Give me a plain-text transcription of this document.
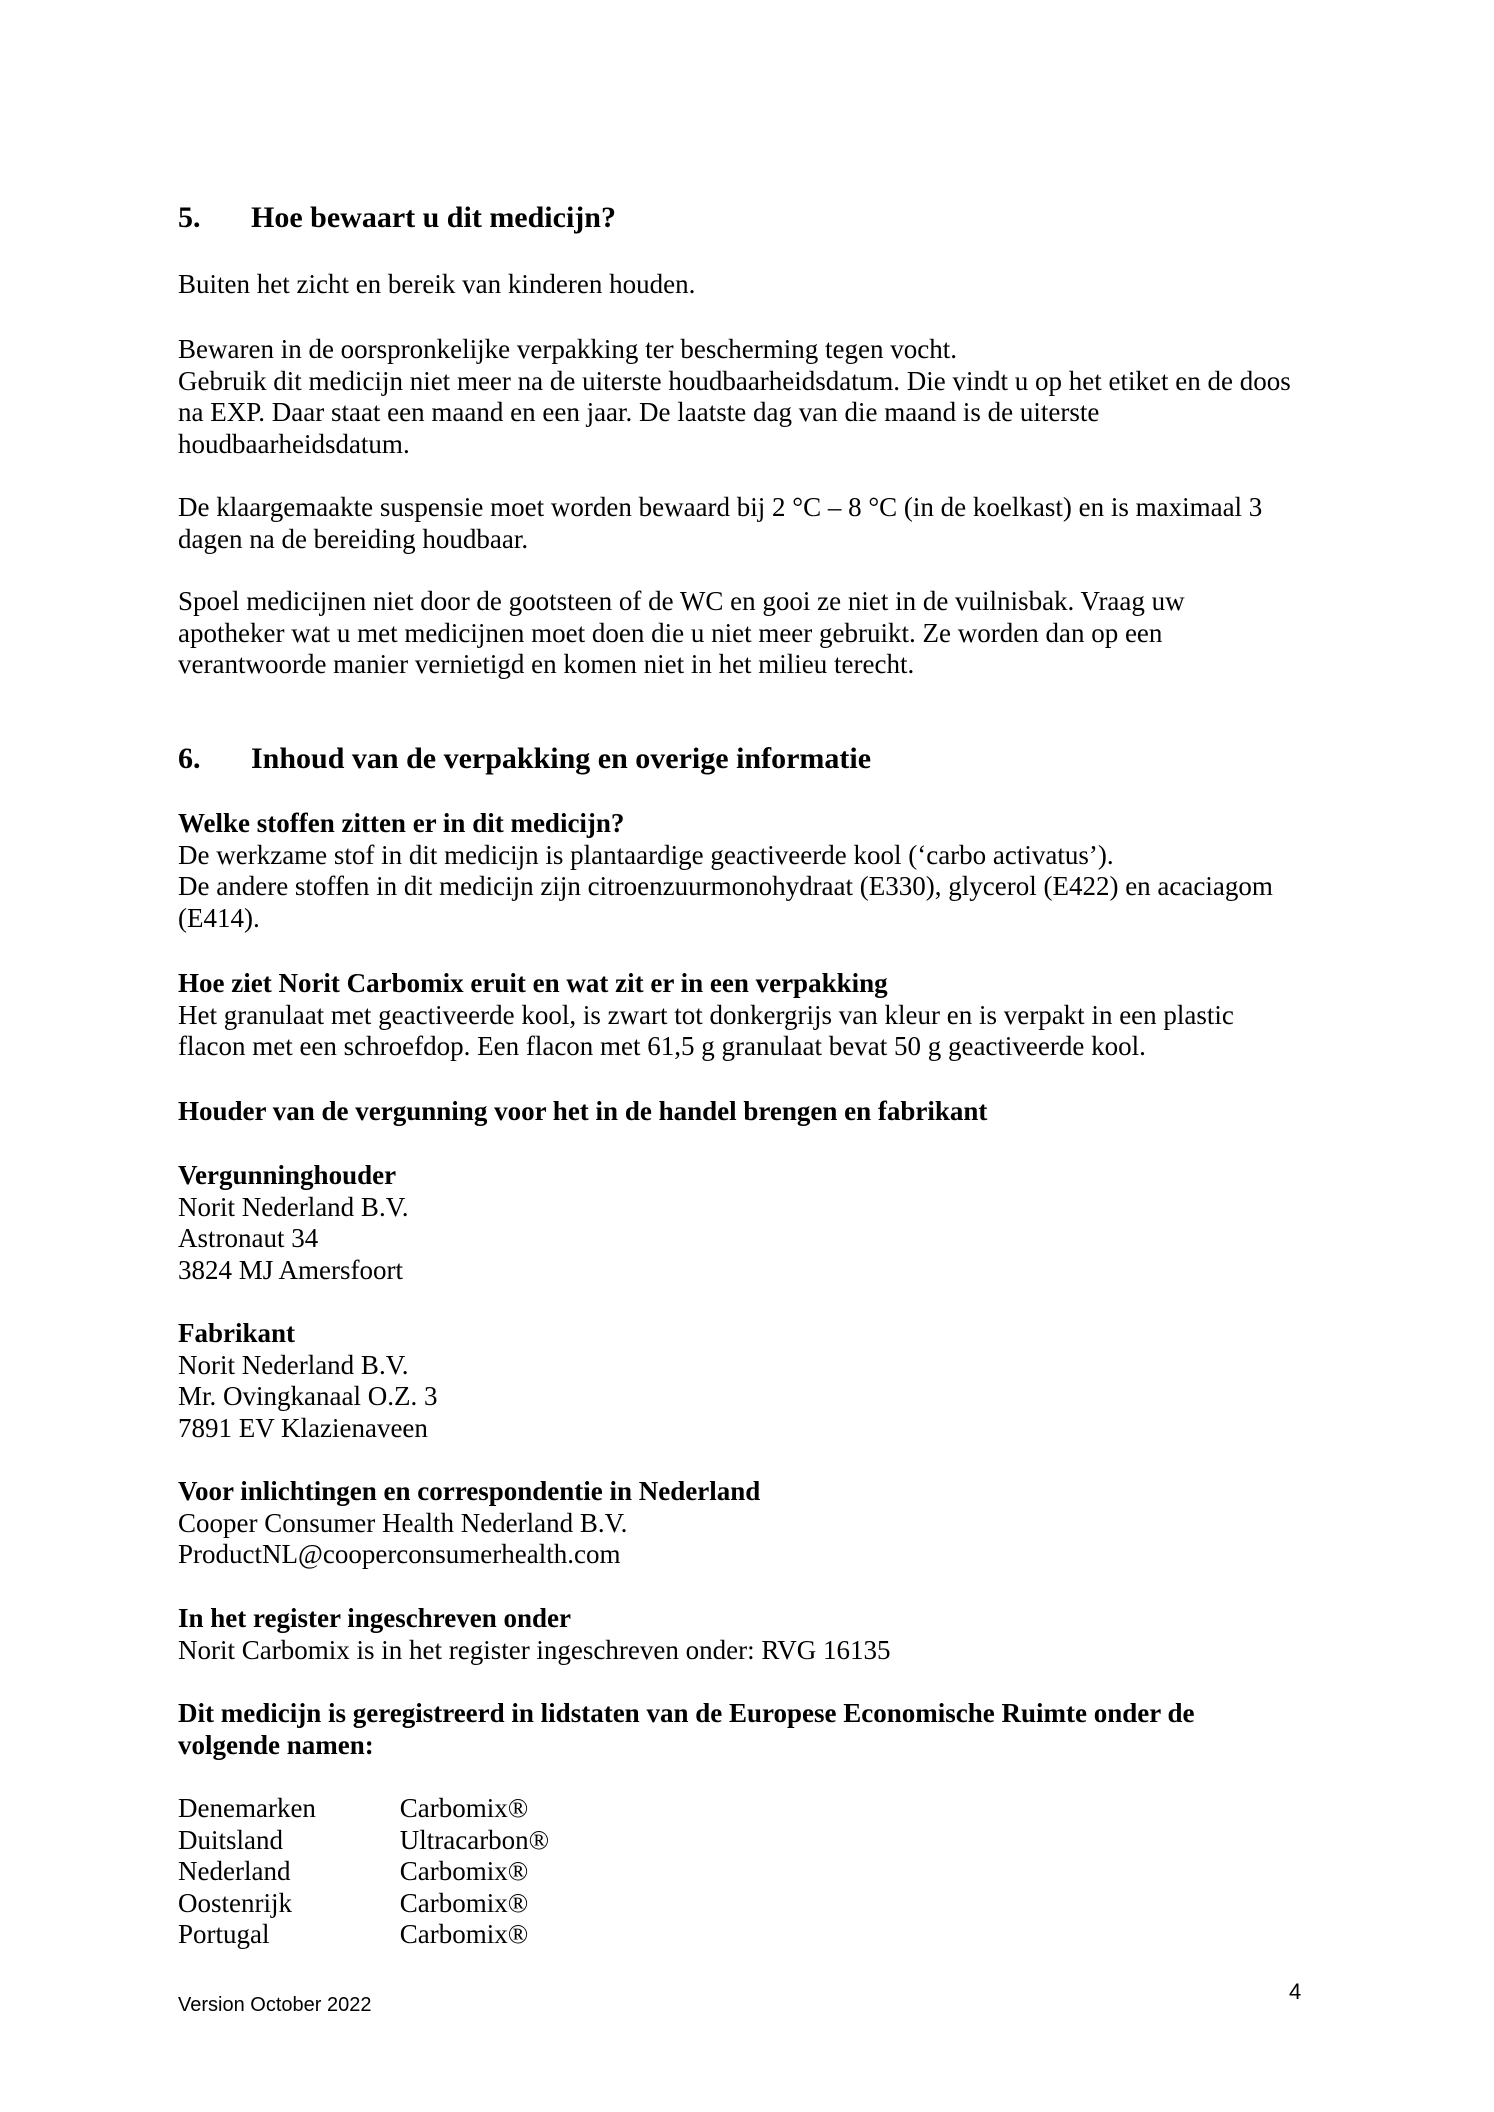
5.	Hoe bewaart u dit medicijn?
Buiten het zicht en bereik van kinderen houden.
Bewaren in de oorspronkelijke verpakking ter bescherming tegen vocht.
Gebruik dit medicijn niet meer na de uiterste houdbaarheidsdatum. Die vindt u op het etiket en de doos
na EXP. Daar staat een maand en een jaar. De laatste dag van die maand is de uiterste
houdbaarheidsdatum.
De klaargemaakte suspensie moet worden bewaard bij 2 °C – 8 °C (in de koelkast) en is maximaal 3
dagen na de bereiding houdbaar.
Spoel medicijnen niet door de gootsteen of de WC en gooi ze niet in de vuilnisbak. Vraag uw
apotheker wat u met medicijnen moet doen die u niet meer gebruikt. Ze worden dan op een
verantwoorde manier vernietigd en komen niet in het milieu terecht.
6.	Inhoud van de verpakking en overige informatie
Welke stoffen zitten er in dit medicijn?
De werkzame stof in dit medicijn is plantaardige geactiveerde kool (‘carbo activatus’).
De andere stoffen in dit medicijn zijn citroenzuurmonohydraat (E330), glycerol (E422) en acaciagom
(E414).
Hoe ziet Norit Carbomix eruit en wat zit er in een verpakking
Het granulaat met geactiveerde kool, is zwart tot donkergrijs van kleur en is verpakt in een plastic
flacon met een schroefdop. Een flacon met 61,5 g granulaat bevat 50 g geactiveerde kool.
Houder van de vergunning voor het in de handel brengen en fabrikant
Vergunninghouder
Norit Nederland B.V.
Astronaut 34
3824 MJ Amersfoort
Fabrikant
Norit Nederland B.V.
Mr. Ovingkanaal O.Z. 3
7891 EV Klazienaveen
Voor inlichtingen en correspondentie in Nederland
Cooper Consumer Health Nederland B.V.
ProductNL@cooperconsumerhealth.com
In het register ingeschreven onder
Norit Carbomix is in het register ingeschreven onder: RVG 16135
Dit medicijn is geregistreerd in lidstaten van de Europese Economische Ruimte onder de
volgende namen:
Denemarken	Carbomix®
Duitsland	Ultracarbon®
Nederland	Carbomix®
Oostenrijk	Carbomix®
Portugal	Carbomix®
Version October 2022
4
